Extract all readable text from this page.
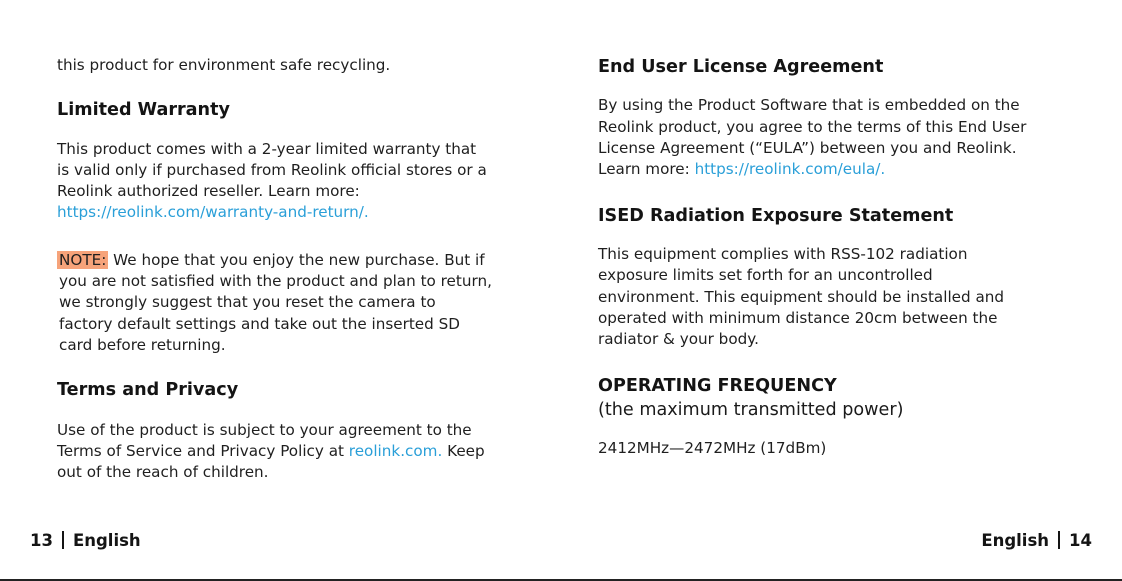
this product for environment safe recycling.

Limited Warranty

This product comes with a 2-year limited warranty that

is valid only if purchased from Reolink official stores or a

Reolink authorized reseller. Learn more:

https://reolink.com/warranty-and-return/.

NOTE: We hope that you enjoy the new purchase. But if

you are not satisfied with the product and plan to return,

we strongly suggest that you reset the camera to

factory default settings and take out the inserted SD

card before returning.

Terms and Privacy

Use of the product is subject to your agreement to the

Terms of Service and Privacy Policy at reolink.com. Keep

out of the reach of children.

End User License Agreement

By using the Product Software that is embedded on the

Reolink product, you agree to the terms of this End User

License Agreement (“EULA”) between you and Reolink.

Learn more: https://reolink.com/eula/.

ISED Radiation Exposure Statement

This equipment complies with RSS-102 radiation

exposure limits set forth for an uncontrolled

environment. This equipment should be installed and

operated with minimum distance 20cm between the

radiator & your body.

OPERATING FREQUENCY

(the maximum transmitted power)

2412MHz—2472MHz (17dBm)

13 English	English 14
